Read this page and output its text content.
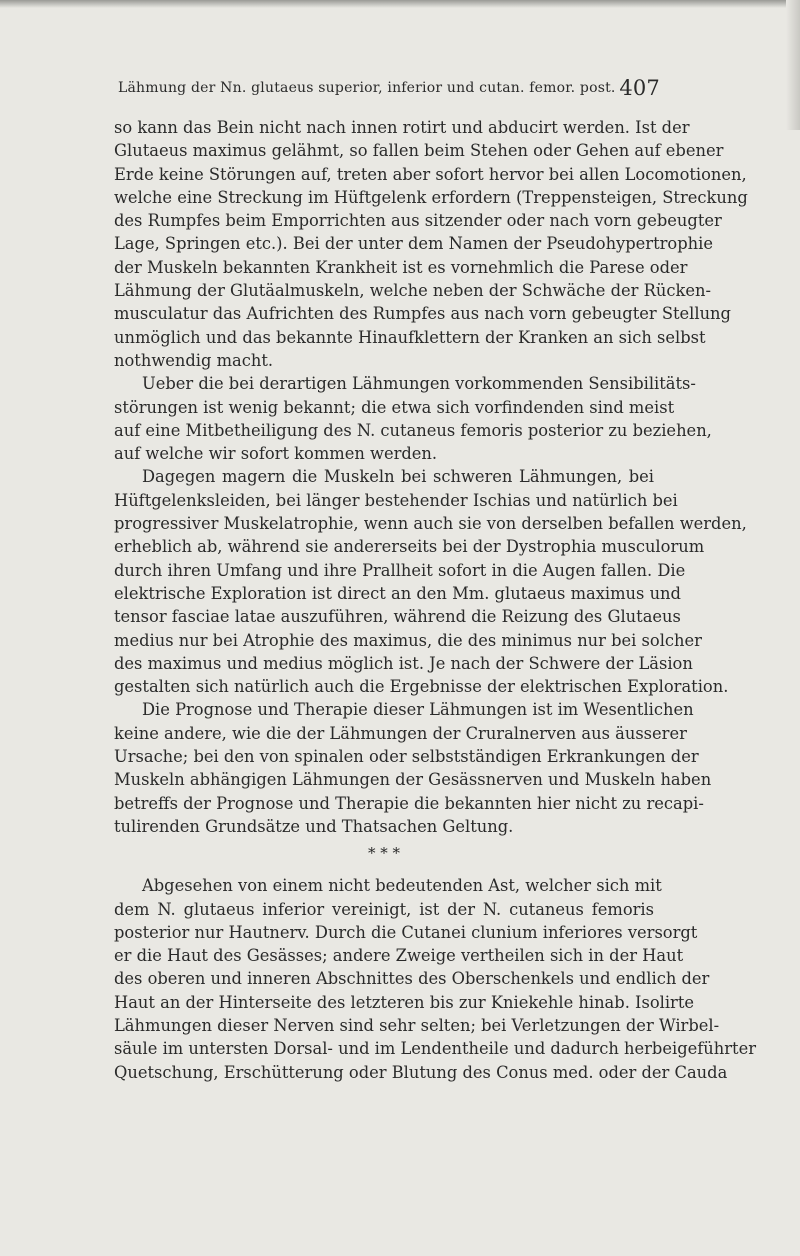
Lähmung der Nn. glutaeus superior, inferior und cutan. femor. post. 407
so kann das Bein nicht nach innen rotirt und abducirt werden. Ist der
Glutaeus maximus gelähmt, so fallen beim Stehen oder Gehen auf ebener
Erde keine Störungen auf, treten aber sofort hervor bei allen Locomotionen,
welche eine Streckung im Hüftgelenk erfordern (Treppensteigen, Streckung
des Rumpfes beim Emporrichten aus sitzender oder nach vorn gebeugter
Lage, Springen etc.). Bei der unter dem Namen der Pseudohypertrophie
der Muskeln bekannten Krankheit ist es vornehmlich die Parese oder
Lähmung der Glutäalmuskeln, welche neben der Schwäche der Rücken-
musculatur das Aufrichten des Rumpfes aus nach vorn gebeugter Stellung
unmöglich und das bekannte Hinaufklettern der Kranken an sich selbst
nothwendig macht.
Ueber die bei derartigen Lähmungen vorkommenden Sensibilitäts-
störungen ist wenig bekannt; die etwa sich vorfindenden sind meist
auf eine Mitbetheiligung des N. cutaneus femoris posterior zu beziehen,
auf welche wir sofort kommen werden.
Dagegen magern die Muskeln bei schweren Lähmungen, bei
Hüftgelenksleiden, bei länger bestehender Ischias und natürlich bei
progressiver Muskelatrophie, wenn auch sie von derselben befallen werden,
erheblich ab, während sie andererseits bei der Dystrophia musculorum
durch ihren Umfang und ihre Prallheit sofort in die Augen fallen. Die
elektrische Exploration ist direct an den Mm. glutaeus maximus und
tensor fasciae latae auszuführen, während die Reizung des Glutaeus
medius nur bei Atrophie des maximus, die des minimus nur bei solcher
des maximus und medius möglich ist. Je nach der Schwere der Läsion
gestalten sich natürlich auch die Ergebnisse der elektrischen Exploration.
Die Prognose und Therapie dieser Lähmungen ist im Wesentlichen
keine andere, wie die der Lähmungen der Cruralnerven aus äusserer
Ursache; bei den von spinalen oder selbstständigen Erkrankungen der
Muskeln abhängigen Lähmungen der Gesässnerven und Muskeln haben
betreffs der Prognose und Therapie die bekannten hier nicht zu recapi-
tulirenden Grundsätze und Thatsachen Geltung.
* * *
Abgesehen von einem nicht bedeutenden Ast, welcher sich mit
dem N. glutaeus inferior vereinigt, ist der N. cutaneus femoris
posterior nur Hautnerv. Durch die Cutanei clunium inferiores versorgt
er die Haut des Gesässes; andere Zweige vertheilen sich in der Haut
des oberen und inneren Abschnittes des Oberschenkels und endlich der
Haut an der Hinterseite des letzteren bis zur Kniekehle hinab. Isolirte
Lähmungen dieser Nerven sind sehr selten; bei Verletzungen der Wirbel-
säule im untersten Dorsal- und im Lendentheile und dadurch herbeigeführter
Quetschung, Erschütterung oder Blutung des Conus med. oder der Cauda
